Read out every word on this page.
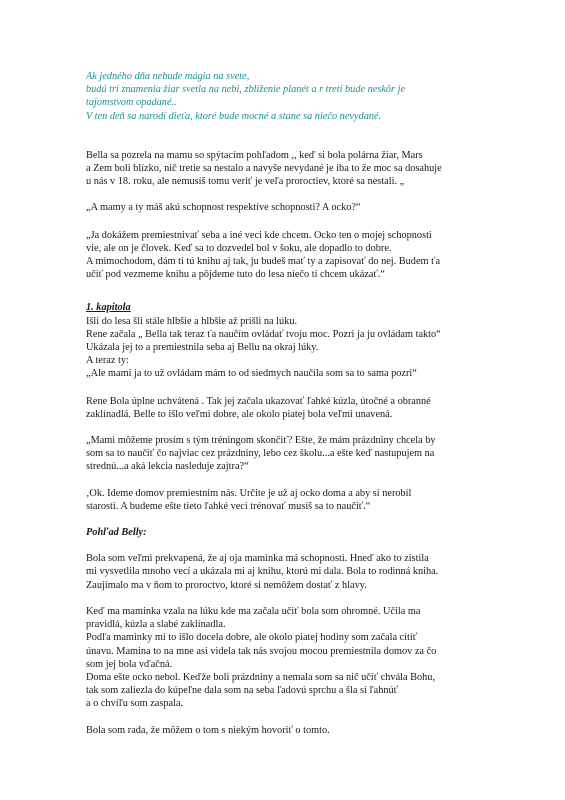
Ak jedného dňa nebude mágia na svete,
budú tri znamenia žiar svetla na nebi, zblíženie planét a r tretí bude neskôr je
tajomstvom opadané..
V ten deň sa narodí dieťa, ktoré bude mocné a stane sa niečo nevydané.
Bella sa pozrela na mamu so spýtacím pohľadom ,, keď si bola polárna žiar, Mars
a Zem boli blízko, nič tretie sa nestalo a navyše nevydané je iba to že moc sa dosahuje
u nás v 18. roku, ale nemusíš tomu veriť je veľa proroctiev, ktoré sa nestali. „
„A mamy a ty máš akú schopnost respektíve schopnosti? A ocko?“
„Ja dokážem premiestnivať seba a iné veci kde chcem. Ocko ten o mojej schopnosti
vie, ale on je človek. Keď sa to dozvedel bol v šoku, ale dopadlo to dobre.
A mimochodom, dám ti tú knihu aj tak, ju budeš mať ty a zapisovať do nej. Budem ťa
učiť pod vezmeme knihu a pôjdeme tuto do lesa niečo ti chcem ukázať.“
1. kapitola
Išli do lesa šli stále hlbšie a hlbšie až prišli na lúku.
Rene začala „ Bella tak teraz ťa naučím ovládať tvoju moc. Pozri ja ju ovládam takto“
Ukázala jej to a premiestnila seba aj Bellu na okraj lúky.
A teraz ty:
„Ale mami ja to už ovládam mám to od siedmych naučila som sa to sama pozri“
Rene Bola úplne uchvátená . Tak jej začala ukazovať ľahké kúzla, útočné a obranné
zaklínadlá. Belle to išlo veľmi dobre, ale okolo piatej bola veľmi unavená.
„Mami môžeme prosím s tým tréningom skončiť? Ešte, že mám prázdniny chcela by
som sa to naučiť čo najviac cez prázdniny, lebo cez školu...a ešte keď nastupujem na
strednú...a aká lekcia nasleduje zajtra?“
‚Ok. Ideme domov premiestnim nás. Určite je už aj ocko doma a aby si nerobil
starosti. A budeme ešte tieto ľahké veci trénovať musíš sa to naučiť.“
Pohľad Belly:
Bola som veľmi prekvapená, že aj oja maminka má schopnosti. Hneď ako to zistila
mi vysvetlila mnoho vecí a ukázala mi aj knihu, ktorú mi dala. Bola to rodinná kniha.
Zaujímalo ma v ňom to proroctvo, ktoré si nemôžem dostať z hlavy.
Keď ma maminka vzala na lúku kde ma začala učiť bola som ohromné. Učila ma
pravidlá, kúzla a slabé zaklínadla.
Podľa maminky mi to išlo docela dobre, ale okolo piatej hodiny som začala cítiť
únavu. Mamina to na mne asi videla tak nás svojou mocou premiestnila domov za čo
som jej bola vďačná.
Doma ešte ocko nebol. Keďže boli prázdniny a nemala som sa nič učiť chvála Bohu,
tak som zaliezla do kúpeľne dala som na seba ľadovú sprchu a šla si ľahnúť
a o chvíľu som zaspala.
Bola som rada, že môžem o tom s niekým hovoriť o tomto.
